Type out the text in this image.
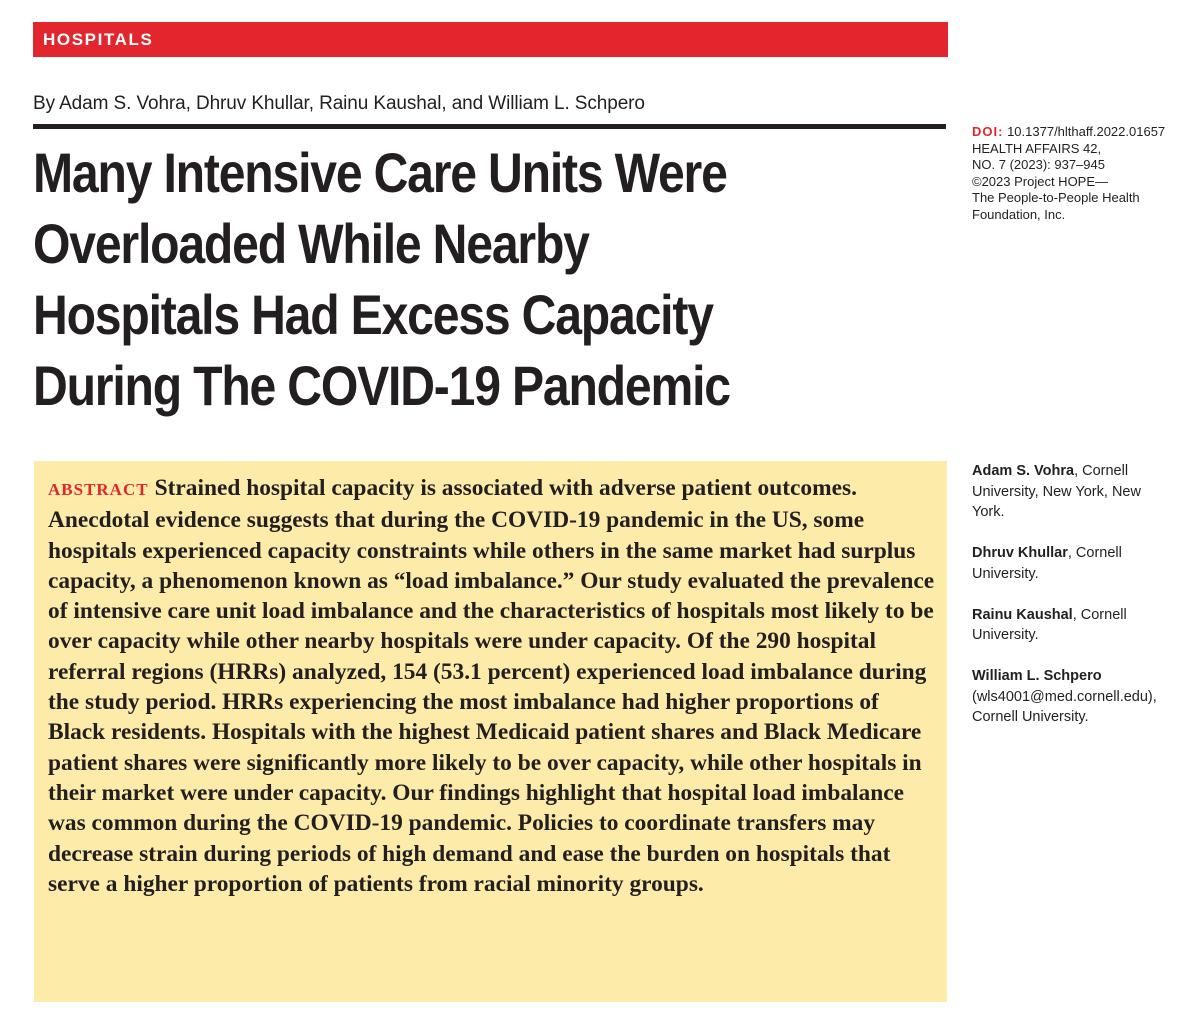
HOSPITALS
By Adam S. Vohra, Dhruv Khullar, Rainu Kaushal, and William L. Schpero
Many Intensive Care Units Were
Overloaded While Nearby
Hospitals Had Excess Capacity
During The COVID-19 Pandemic
DOI: 10.1377/hlthaff.2022.01657
HEALTH AFFAIRS 42,
NO. 7 (2023): 937–945
©2023 Project HOPE—
The People-to-People Health
Foundation, Inc.

ABSTRACT Strained hospital capacity is associated with adverse patient outcomes. Anecdotal evidence suggests that during the COVID-19 pandemic in the US, some hospitals experienced capacity constraints while others in the same market had surplus capacity, a phenomenon known as “load imbalance.” Our study evaluated the prevalence of intensive care unit load imbalance and the characteristics of hospitals most likely to be over capacity while other nearby hospitals were under capacity. Of the 290 hospital referral regions (HRRs) analyzed, 154 (53.1 percent) experienced load imbalance during the study period. HRRs experiencing the most imbalance had higher proportions of Black residents. Hospitals with the highest Medicaid patient shares and Black Medicare patient shares were significantly more likely to be over capacity, while other hospitals in their market were under capacity. Our findings highlight that hospital load imbalance was common during the COVID-19 pandemic. Policies to coordinate transfers may decrease strain during periods of high demand and ease the burden on hospitals that serve a higher proportion of patients from racial minority groups.

Adam S. Vohra, Cornell
University, New York, New
York.
Dhruv Khullar, Cornell
University.
Rainu Kaushal, Cornell
University.
William L. Schpero
(wls4001@med.cornell.edu),
Cornell University.
